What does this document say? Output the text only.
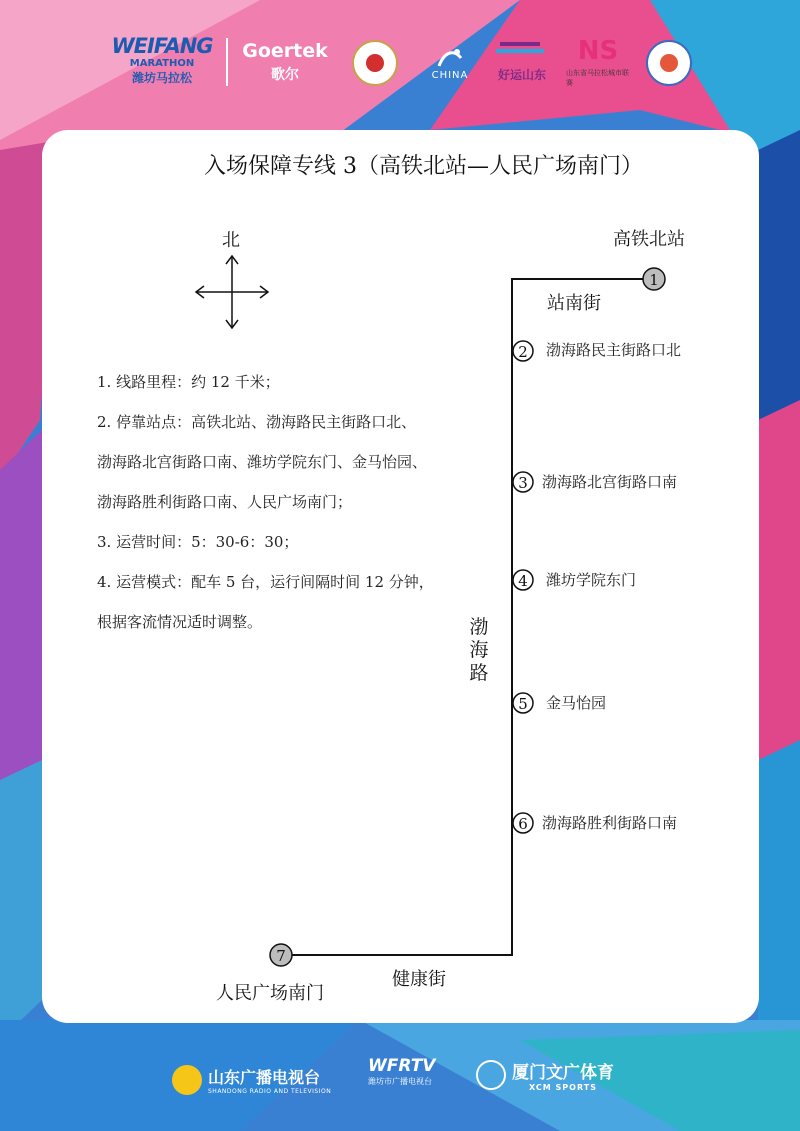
WEIFANG
MARATHON
潍坊马拉松
Goertek
歌尔	CHINA 好运山东
NS
山东省马拉松城市联赛
入场保障专线 3（高铁北站—人民广场南门）
北
1. 线路里程：约 12 千米；
2. 停靠站点：高铁北站、渤海路民主街路口北、
渤海路北宫街路口南、潍坊学院东门、金马怡园、
渤海路胜利街路口南、人民广场南门；
3. 运营时间：5：30-6：30；
4. 运营模式：配车 5 台，运行间隔时间 12 分钟，
根据客流情况适时调整。
1
2
3
4
5
6
7
高铁北站
站南街
渤海路民主街路口北
渤海路北宫街路口南
潍坊学院东门
金马怡园
渤海路胜利街路口南
渤海路
健康街
人民广场南门
山东广播电视台
SHANDONG RADIO AND TELEVISION
WFRTV
潍坊市广播电视台	厦门文广体育
XCM SPORTS
